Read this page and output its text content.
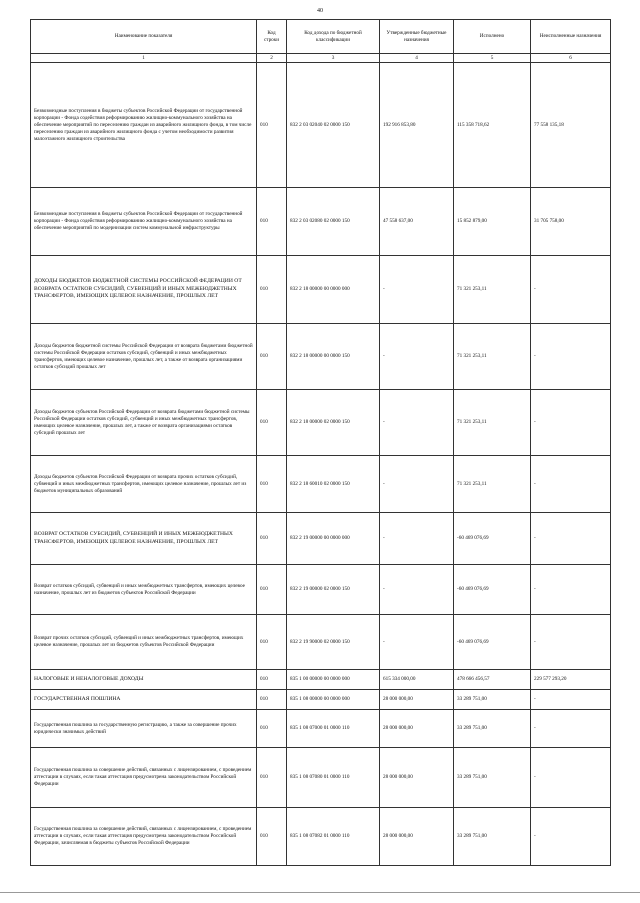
40
Наименование показателя	Код строки	Код дохода по бюджетной классификации	Утвержденные бюджетные назначения	Исполнено	Неисполненные назначения
1	2	3	4	5	6
Безвозмездные поступления в бюджеты субъектов Российской Федерации от государственной корпорации - Фонда содействия реформированию жилищно-коммунального хозяйства на обеспечение мероприятий по переселению граждан из аварийного жилищного фонда, в том числе переселению граждан из аварийного жилищного фонда с учетом необходимости развития малоэтажного жилищного строительства	010	832 2 03 02040 02 0000 150	192 916 853,80	115 358 718,62	77 558 135,18
Безвозмездные поступления в бюджеты субъектов Российской Федерации от государственной корпорации - Фонда содействия реформированию жилищно-коммунального хозяйства на обеспечение мероприятий по модернизации систем коммунальной инфраструктуры	010	832 2 03 02080 02 0000 150	47 558 637,00	15 852 879,00	31 705 758,00
ДОХОДЫ БЮДЖЕТОВ БЮДЖЕТНОЙ СИСТЕМЫ РОССИЙСКОЙ ФЕДЕРАЦИИ ОТ ВОЗВРАТА ОСТАТКОВ СУБСИДИЙ, СУБВЕНЦИЙ И ИНЫХ МЕЖБЮДЖЕТНЫХ ТРАНСФЕРТОВ, ИМЕЮЩИХ ЦЕЛЕВОЕ НАЗНАЧЕНИЕ, ПРОШЛЫХ ЛЕТ	010	832 2 18 00000 00 0000 000	-	71 321 253,11	-
Доходы бюджетов бюджетной системы Российской Федерации от возврата бюджетами бюджетной системы Российской Федерации остатков субсидий, субвенций и иных межбюджетных трансфертов, имеющих целевое назначение, прошлых лет, а также от возврата организациями остатков субсидий прошлых лет	010	832 2 18 00000 00 0000 150	-	71 321 253,11	-
Доходы бюджетов субъектов Российской Федерации от возврата бюджетами бюджетной системы Российской Федерации остатков субсидий, субвенций и иных межбюджетных трансфертов, имеющих целевое назначение, прошлых лет, а также от возврата организациями остатков субсидий прошлых лет	010	832 2 18 00000 02 0000 150	-	71 321 253,11	-
Доходы бюджетов субъектов Российской Федерации от возврата прочих остатков субсидий, субвенций и иных межбюджетных трансфертов, имеющих целевое назначение, прошлых лет из бюджетов муниципальных образований	010	832 2 18 60010 02 0000 150	-	71 321 253,11	-
ВОЗВРАТ ОСТАТКОВ СУБСИДИЙ, СУБВЕНЦИЙ И ИНЫХ МЕЖБЮДЖЕТНЫХ ТРАНСФЕРТОВ, ИМЕЮЩИХ ЦЕЛЕВОЕ НАЗНАЧЕНИЕ, ПРОШЛЫХ ЛЕТ	010	832 2 19 00000 00 0000 000	-	-60 469 076,69	-
Возврат остатков субсидий, субвенций и иных межбюджетных трансфертов, имеющих целевое назначение, прошлых лет из бюджетов субъектов Российской Федерации	010	832 2 19 00000 02 0000 150	-	-60 469 076,69	-
Возврат прочих остатков субсидий, субвенций и иных межбюджетных трансфертов, имеющих целевое назначение, прошлых лет из бюджетов субъектов Российской Федерации	010	832 2 19 90000 02 0000 150	-	-60 469 076,69	-
НАЛОГОВЫЕ И НЕНАЛОГОВЫЕ ДОХОДЫ	010	835 1 00 00000 00 0000 000	615 334 000,00	478 666 456,57	229 577 293,20
ГОСУДАРСТВЕННАЯ ПОШЛИНА	010	835 1 08 00000 00 0000 000	28 000 000,00	33 289 751,00	-
Государственная пошлина за государственную регистрацию, а также за совершение прочих юридически значимых действий	010	835 1 08 07000 01 0000 110	28 000 000,00	33 289 751,00	-
Государственная пошлина за совершение действий, связанных с лицензированием, с проведением аттестации в случаях, если такая аттестация предусмотрена законодательством Российской Федерации	010	835 1 08 07080 01 0000 110	28 000 000,00	33 289 751,00	-
Государственная пошлина за совершение действий, связанных с лицензированием, с проведением аттестации в случаях, если такая аттестация предусмотрена законодательством Российской Федерации, зачисляемая в бюджеты субъектов Российской Федерации	010	835 1 08 07082 01 0000 110	28 000 000,00	33 289 751,00	-
